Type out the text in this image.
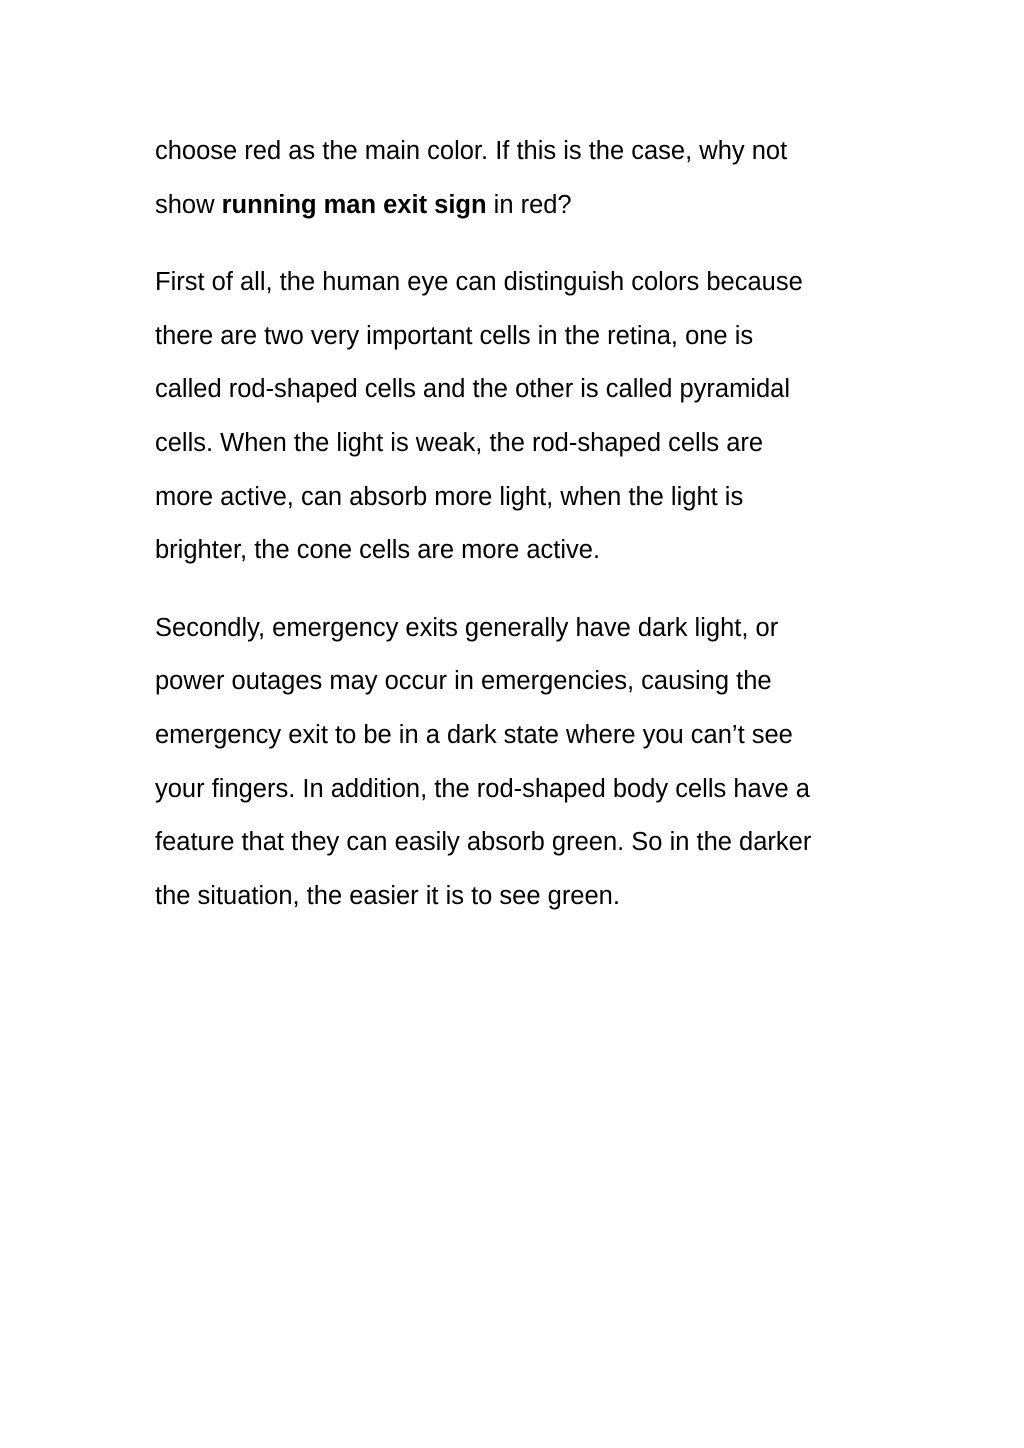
choose red as the main color. If this is the case, why not
show running man exit sign in red?

First of all, the human eye can distinguish colors because
there are two very important cells in the retina, one is
called rod-shaped cells and the other is called pyramidal
cells. When the light is weak, the rod-shaped cells are
more active, can absorb more light, when the light is
brighter, the cone cells are more active.

Secondly, emergency exits generally have dark light, or
power outages may occur in emergencies, causing the
emergency exit to be in a dark state where you can’t see
your fingers. In addition, the rod-shaped body cells have a
feature that they can easily absorb green. So in the darker
the situation, the easier it is to see green.
